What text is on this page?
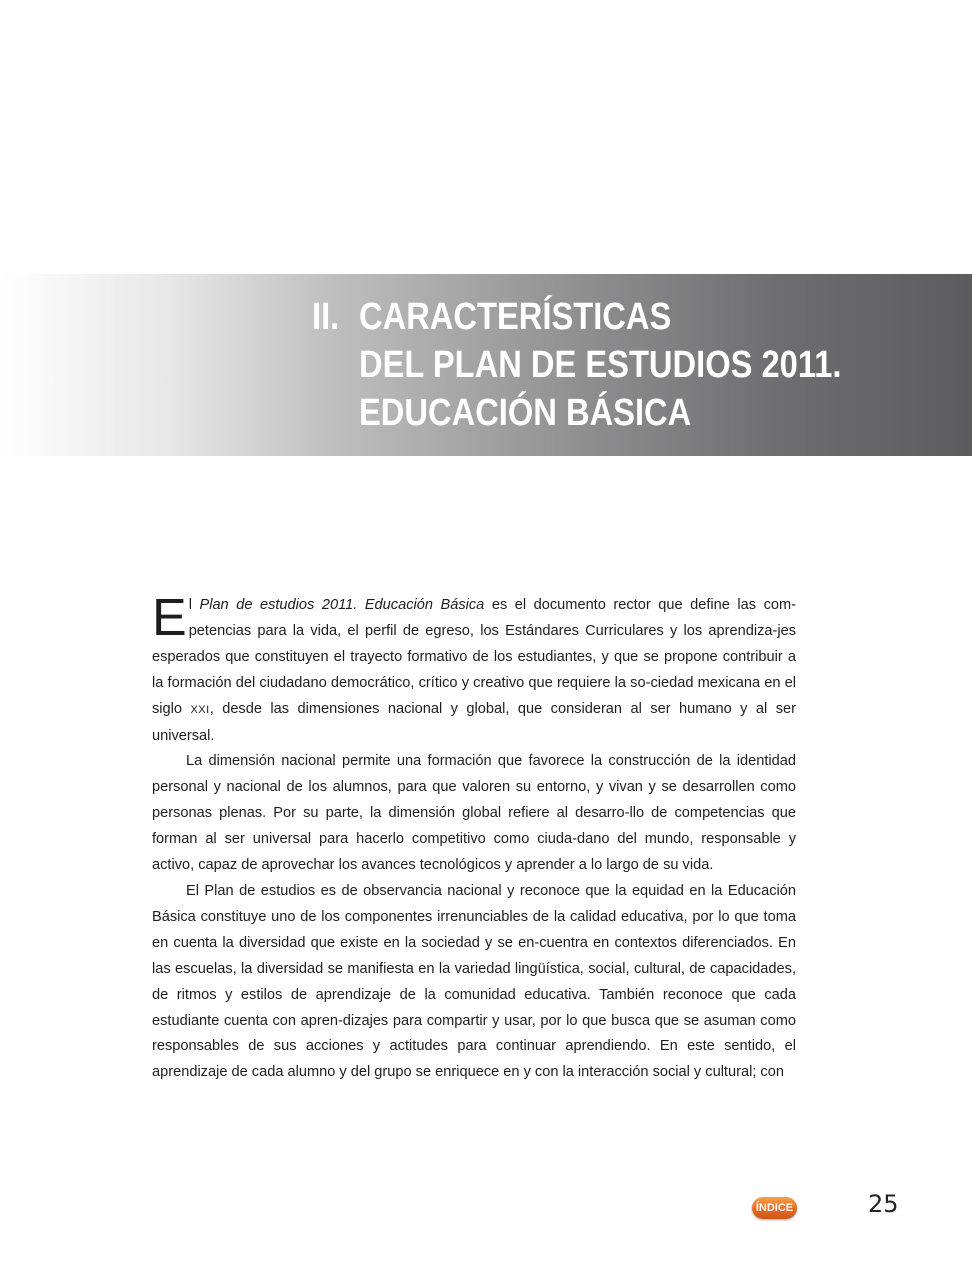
II. CARACTERÍSTICAS
DEL PLAN DE ESTUDIOS 2011.
EDUCACIÓN BÁSICA

El Plan de estudios 2011. Educación Básica es el documento rector que define las com-petencias para la vida, el perfil de egreso, los Estándares Curriculares y los aprendiza-jes esperados que constituyen el trayecto formativo de los estudiantes, y que se propone contribuir a la formación del ciudadano democrático, crítico y creativo que requiere la so-ciedad mexicana en el siglo XXI, desde las dimensiones nacional y global, que consideran al ser humano y al ser universal.

La dimensión nacional permite una formación que favorece la construcción de la identidad personal y nacional de los alumnos, para que valoren su entorno, y vivan y se desarrollen como personas plenas. Por su parte, la dimensión global refiere al desarro-llo de competencias que forman al ser universal para hacerlo competitivo como ciuda-dano del mundo, responsable y activo, capaz de aprovechar los avances tecnológicos y aprender a lo largo de su vida.

El Plan de estudios es de observancia nacional y reconoce que la equidad en la Educación Básica constituye uno de los componentes irrenunciables de la calidad educativa, por lo que toma en cuenta la diversidad que existe en la sociedad y se en-cuentra en contextos diferenciados. En las escuelas, la diversidad se manifiesta en la variedad lingüística, social, cultural, de capacidades, de ritmos y estilos de aprendizaje de la comunidad educativa. También reconoce que cada estudiante cuenta con apren-dizajes para compartir y usar, por lo que busca que se asuman como responsables de sus acciones y actitudes para continuar aprendiendo. En este sentido, el aprendizaje de cada alumno y del grupo se enriquece en y con la interacción social y cultural; con

ÍNDICE	25
